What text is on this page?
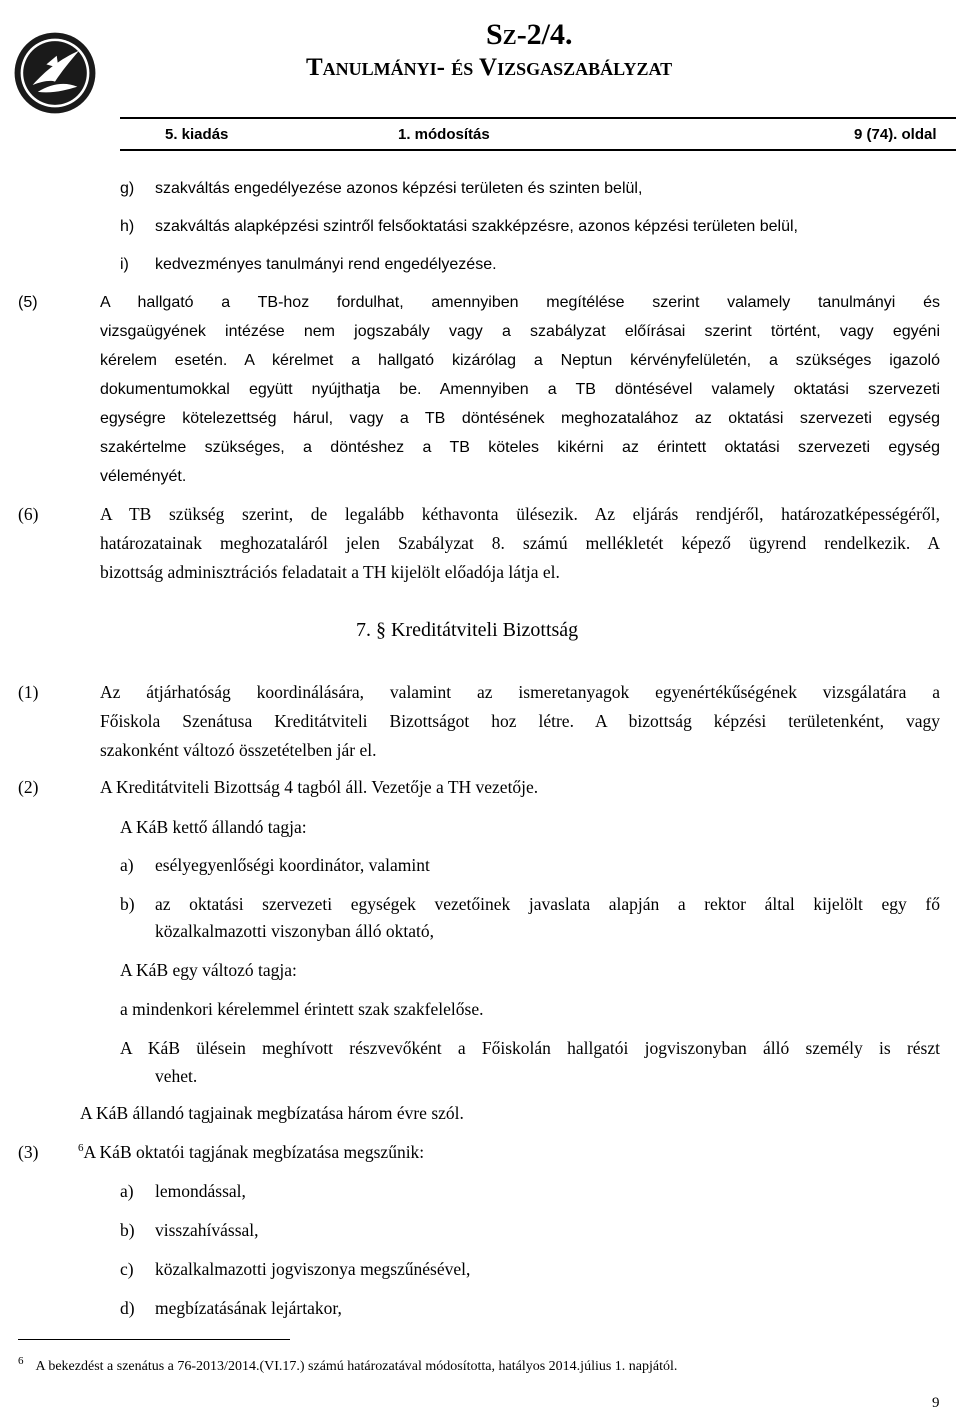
Sz-2/4.
Tanulmányi- és Vizsgaszabályzat
5. kiadás	1. módosítás	9 (74). oldal
g) szakváltás engedélyezése azonos képzési területen és szinten belül,
h) szakváltás alapképzési szintről felsőoktatási szakképzésre, azonos képzési területen belül,
i) kedvezményes tanulmányi rend engedélyezése.
(5)	A hallgató a TB-hoz fordulhat, amennyiben megítélése szerint valamely tanulmányi és
vizsgaügyének intézése nem jogszabály vagy a szabályzat előírásai szerint történt, vagy egyéni
kérelem esetén. A kérelmet a hallgató kizárólag a Neptun kérvényfelületén, a szükséges igazoló
dokumentumokkal együtt nyújthatja be. Amennyiben a TB döntésével valamely oktatási szervezeti
egységre kötelezettség hárul, vagy a TB döntésének meghozatalához az oktatási szervezeti egység
szakértelme szükséges, a döntéshez a TB köteles kikérni az érintett oktatási szervezeti egység
véleményét.
(6)	A TB szükség szerint, de legalább kéthavonta ülésezik. Az eljárás rendjéről, határozatképességéről,
határozatainak meghozataláról jelen Szabályzat 8. számú mellékletét képező ügyrend rendelkezik. A
bizottság adminisztrációs feladatait a TH kijelölt előadója látja el.
7. § Kreditátviteli Bizottság
(1)	Az átjárhatóság koordinálására, valamint az ismeretanyagok egyenértékűségének vizsgálatára a
Főiskola Szenátusa Kreditátviteli Bizottságot hoz létre. A bizottság képzési területenként, vagy
szakonként változó összetételben jár el.
(2)	A Kreditátviteli Bizottság 4 tagból áll. Vezetője a TH vezetője.
A KáB kettő állandó tagja:
a) esélyegyenlőségi koordinátor, valamint
b) az oktatási szervezeti egységek vezetőinek javaslata alapján a rektor által kijelölt egy fő
közalkalmazotti viszonyban álló oktató,
A KáB egy változó tagja:
a mindenkori kérelemmel érintett szak szakfelelőse.
A KáB ülésein meghívott részvevőként a Főiskolán hallgatói jogviszonyban álló személy is részt
vehet.
A KáB állandó tagjainak megbízatása három évre szól.
(3)	$^6$A KáB oktatói tagjának megbízatása megszűnik:
a) lemondással,
b) visszahívással,
c) közalkalmazotti jogviszonya megszűnésével,
d) megbízatásának lejártakor,
$^6$ A bekezdést a szenátus a 76-2013/2014.(VI.17.) számú határozatával módosította, hatályos 2014.július 1. napjától.
9
